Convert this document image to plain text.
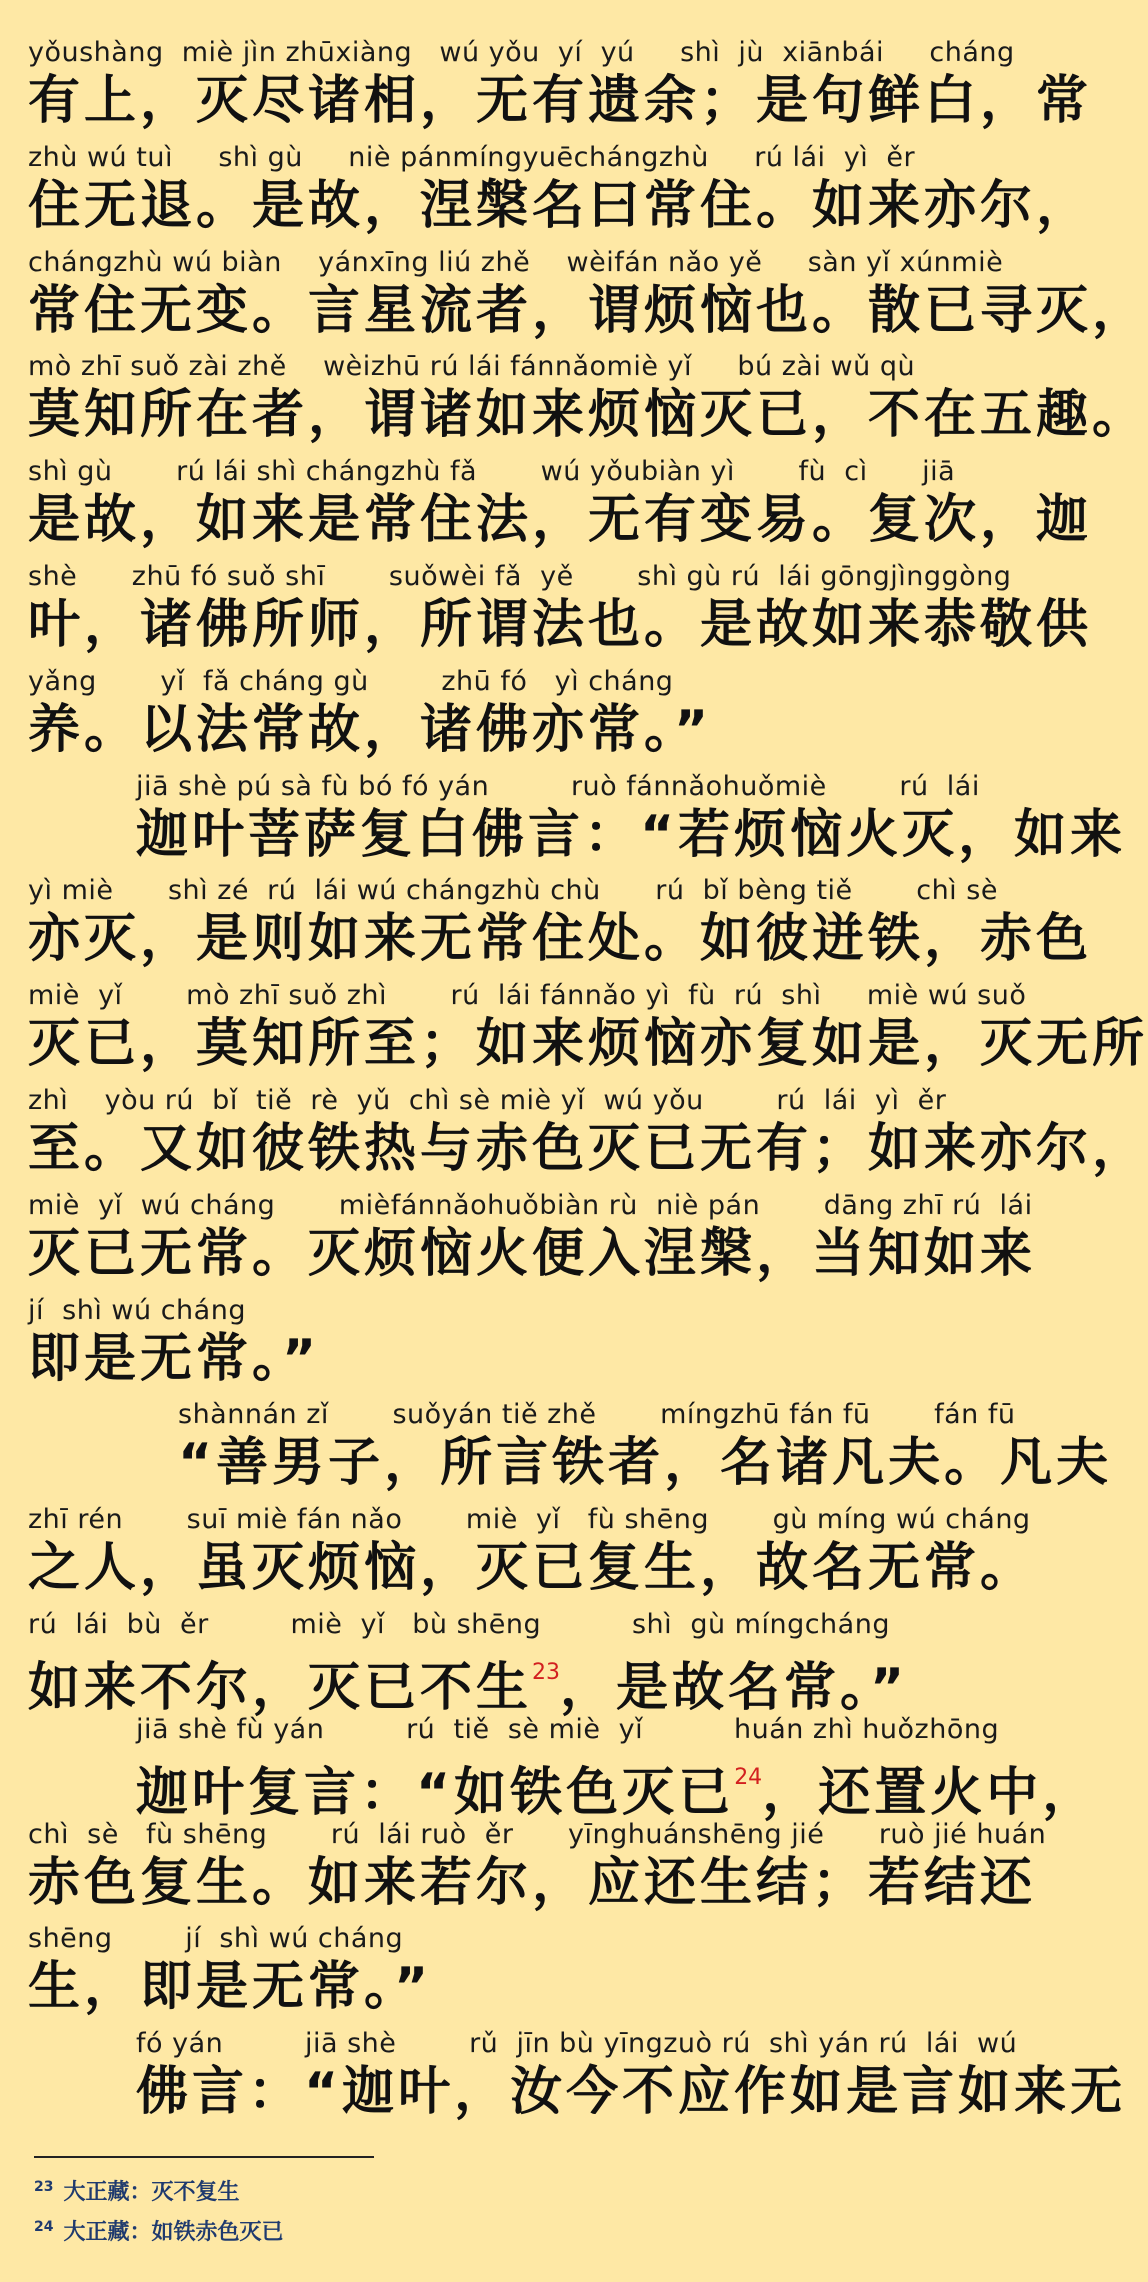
yǒushàng  miè jìn zhūxiàng   wú yǒu  yí  yú     shì  jù  xiānbái     cháng
有上，灭尽诸相，无有遗余；是句鲜白，常
zhù wú tuì     shì gù     niè pánmíngyuēchángzhù     rú lái  yì  ěr
住无退。是故，涅槃名曰常住。如来亦尔，
chángzhù wú biàn    yánxīng liú zhě    wèifán nǎo yě     sàn yǐ xúnmiè
常住无变。言星流者，谓烦恼也。散已寻灭，
mò zhī suǒ zài zhě    wèizhū rú lái fánnǎomiè yǐ     bú zài wǔ qù
莫知所在者，谓诸如来烦恼灭已，不在五趣。
shì gù       rú lái shì chángzhù fǎ       wú yǒubiàn yì       fù  cì      jiā
是故，如来是常住法，无有变易。复次，迦
shè      zhū fó suǒ shī       suǒwèi fǎ  yě       shì gù rú  lái gōngjìnggòng
叶，诸佛所师，所谓法也。是故如来恭敬供
yǎng       yǐ  fǎ cháng gù        zhū fó   yì cháng
养。以法常故，诸佛亦常。”
jiā shè pú sà fù bó fó yán         ruò fánnǎohuǒmiè        rú  lái
迦叶菩萨复白佛言：“若烦恼火灭，如来
yì miè      shì zé  rú  lái wú chángzhù chù      rú  bǐ bèng tiě       chì sè
亦灭，是则如来无常住处。如彼迸铁，赤色
miè  yǐ       mò zhī suǒ zhì       rú  lái fánnǎo yì  fù  rú  shì     miè wú suǒ
灭已，莫知所至；如来烦恼亦复如是，灭无所
zhì    yòu rú  bǐ  tiě  rè  yǔ  chì sè miè yǐ  wú yǒu        rú  lái  yì  ěr
至。又如彼铁热与赤色灭已无有；如来亦尔，
miè  yǐ  wú cháng       mièfánnǎohuǒbiàn rù  niè pán       dāng zhī rú  lái
灭已无常。灭烦恼火便入涅槃，当知如来
jí  shì wú cháng
即是无常。”
shànnán zǐ       suǒyán tiě zhě       míngzhū fán fū       fán fū
“善男子，所言铁者，名诸凡夫。凡夫
zhī rén       suī miè fán nǎo       miè  yǐ   fù shēng       gù míng wú cháng
之人，虽灭烦恼，灭已复生，故名无常。
rú  lái  bù  ěr         miè  yǐ   bù shēng          shì  gù míngcháng
如来不尔，灭已不生$^{23}$，是故名常。”
jiā shè fù yán         rú  tiě  sè miè  yǐ          huán zhì huǒzhōng
迦叶复言：“如铁色灭已$^{24}$，还置火中，
chì  sè   fù shēng       rú  lái ruò  ěr      yīnghuánshēng jié      ruò jié huán
赤色复生。如来若尔，应还生结；若结还
shēng        jí  shì wú cháng
生，即是无常。”
fó yán         jiā shè        rǔ  jīn bù yīngzuò rú  shì yán rú  lái  wú
佛言：“迦叶，汝今不应作如是言如来无
$^{23}$ 大正藏：灭不复生
$^{24}$ 大正藏：如铁赤色灭已
